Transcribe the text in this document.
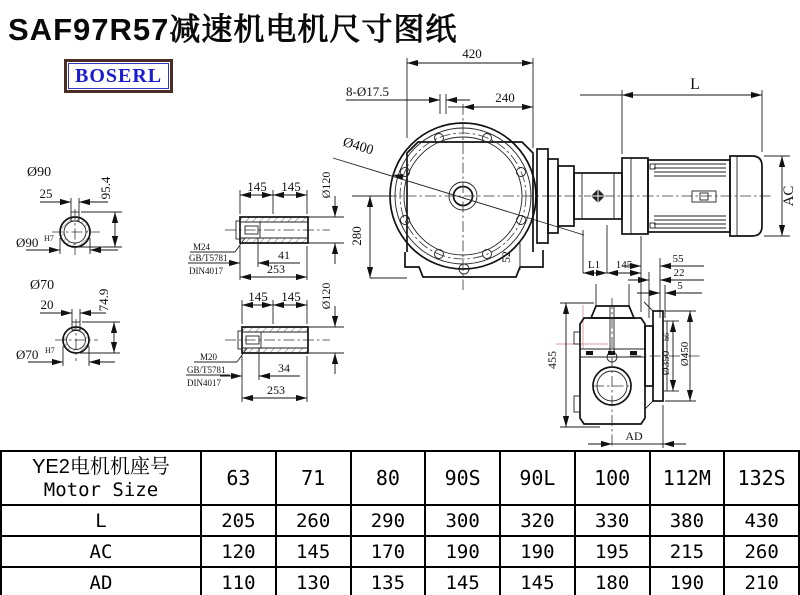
SAF97R57减速机电机尺寸图纸
BOSERL
Ø90
25	95.4
Ø90 H7
Ø70
20	74.9
Ø70 H7
145 145 Ø120
41
253
M24
GB/T5781
DIN4017
145 145 Ø120
34
253
M20
GB/T5781
DIN4017
280
Ø400
420
240
8-Ø17.5
52
L
AC
L1 145	55
22
5
Ø350
h6
Ø450
455
AD
YE2电机机座号
Motor Size	63	71	80	90S	90L	100	112M	132S
L	205	260	290	300	320	330	380	430
AC	120	145	170	190	190	195	215	260
AD	110	130	135	145	145	180	190	210
